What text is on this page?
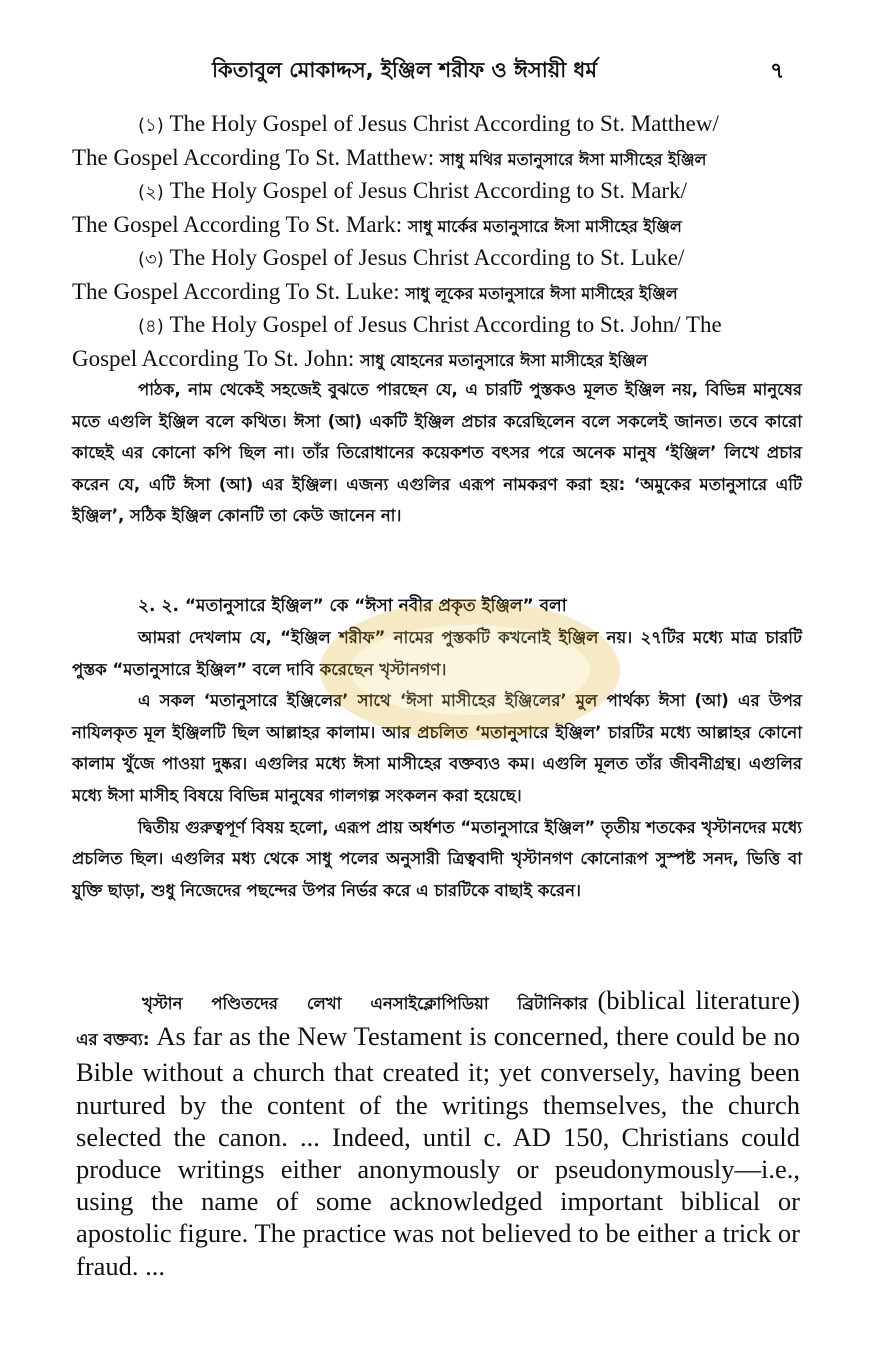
কিতাবুল মোকাদ্দস, ইঞ্জিল শরীফ ও ঈসায়ী ধর্ম	৭
(১) The Holy Gospel of Jesus Christ According to St. Matthew/
The Gospel According To St. Matthew: সাধু মথির মতানুসারে ঈসা মাসীহের ইঞ্জিল
(২) The Holy Gospel of Jesus Christ According to St. Mark/
The Gospel According To St. Mark: সাধু মার্কের মতানুসারে ঈসা মাসীহের ইঞ্জিল
(৩) The Holy Gospel of Jesus Christ According to St. Luke/
The Gospel According To St. Luke: সাধু লূকের মতানুসারে ঈসা মাসীহের ইঞ্জিল
(৪) The Holy Gospel of Jesus Christ According to St. John/ The
Gospel According To St. John: সাধু যোহনের মতানুসারে ঈসা মাসীহের ইঞ্জিল

পাঠক, নাম থেকেই সহজেই বুঝতে পারছেন যে, এ চারটি পুস্তকও মূলত ইঞ্জিল নয়, বিভিন্ন মানুষের মতে এগুলি ইঞ্জিল বলে কথিত। ঈসা (আ) একটি ইঞ্জিল প্রচার করেছিলেন বলে সকলেই জানত। তবে কারো কাছেই এর কোনো কপি ছিল না। তাঁর তিরোধানের কয়েকশত বৎসর পরে অনেক মানুষ ‘ইঞ্জিল’ লিখে প্রচার করেন যে, এটি ঈসা (আ) এর ইঞ্জিল। এজন্য এগুলির এরূপ নামকরণ করা হয়: ‘অমুকের মতানুসারে এটি ইঞ্জিল’, সঠিক ইঞ্জিল কোনটি তা কেউ জানেন না।

২. ২. “মতানুসারে ইঞ্জিল” কে “ঈসা নবীর প্রকৃত ইঞ্জিল” বলা

আমরা দেখলাম যে, “ইঞ্জিল শরীফ” নামের পুস্তকটি কখনোই ইঞ্জিল নয়। ২৭টির মধ্যে মাত্র চারটি পুস্তক “মতানুসারে ইঞ্জিল” বলে দাবি করেছেন খৃস্টানগণ।

এ সকল ‘মতানুসারে ইঞ্জিলের’ সাথে ‘ঈসা মাসীহের ইঞ্জিলের’ মুল পার্থক্য ঈসা (আ) এর উপর নাযিলকৃত মূল ইঞ্জিলটি ছিল আল্লাহর কালাম। আর প্রচলিত ‘মতানুসারে ইঞ্জিল’ চারটির মধ্যে আল্লাহর কোনো কালাম খুঁজে পাওয়া দুষ্কর। এগুলির মধ্যে ঈসা মাসীহের বক্তব্যও কম। এগুলি মূলত তাঁর জীবনীগ্রন্থ। এগুলির মধ্যে ঈসা মাসীহ বিষয়ে বিভিন্ন মানুষের গালগল্প সংকলন করা হয়েছে।

দ্বিতীয় গুরুত্বপূর্ণ বিষয় হলো, এরূপ প্রায় অর্ধশত “মতানুসারে ইঞ্জিল” তৃতীয় শতকের খৃস্টানদের মধ্যে প্রচলিত ছিল। এগুলির মধ্য থেকে সাধু পলের অনুসারী ত্রিত্ববাদী খৃস্টানগণ কোনোরূপ সুস্পষ্ট সনদ, ভিত্তি বা যুক্তি ছাড়া, শুধু নিজেদের পছন্দের উপর নির্ভর করে এ চারটিকে বাছাই করেন।

খৃস্টান পণ্ডিতদের লেখা এনসাইক্লোপিডিয়া ব্রিটানিকার (biblical literature) এর বক্তব্য: As far as the New Testament is concerned, there could be no Bible without a church that created it; yet conversely, having been nurtured by the content of the writings themselves, the church selected the canon. ... Indeed, until c. AD 150, Christians could produce writings either anonymously or pseudonymously—i.e., using the name of some acknowledged important biblical or apostolic figure. The practice was not believed to be either a trick or fraud. ...
